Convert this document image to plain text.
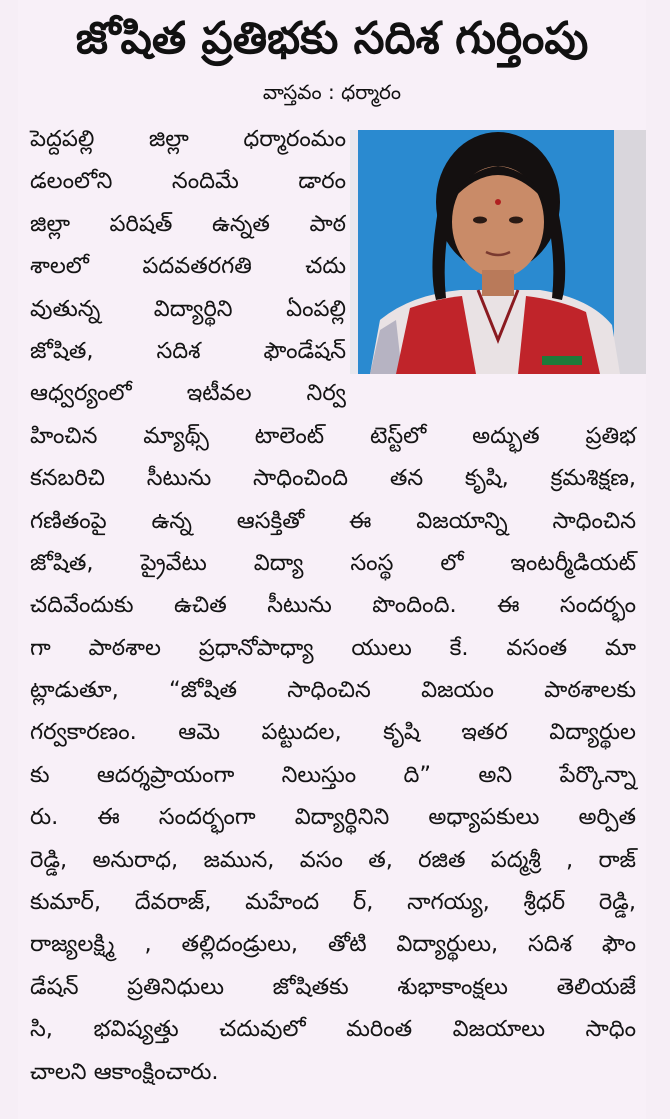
జోషిత ప్రతిభకు సదిశ గుర్తింపు
వాస్తవం : ధర్మారం
పెద్దపల్లి జిల్లా ధర్మారంమం
డలంలోని నందిమే డారం
జిల్లా పరిషత్ ఉన్నత పాఠ
శాలలో పదవతరగతి చదు
వుతున్న విద్యార్థిని ఏంపల్లి
జోషిత, సదిశ ఫౌండేషన్
ఆధ్వర్యంలో ఇటీవల నిర్వ
హించిన మ్యాథ్స్ టాలెంట్ టెస్ట్‌లో అద్భుత ప్రతిభ
కనబరిచి సీటును సాధించింది తన కృషి, క్రమశిక్షణ,
గణితంపై ఉన్న ఆసక్తితో ఈ విజయాన్ని సాధించిన
జోషిత, ప్రైవేటు విద్యా సంస్థ లో ఇంటర్మీడియట్
చదివేందుకు ఉచిత సీటును పొందింది. ఈ సందర్భం
గా పాఠశాల ప్రధానోపాధ్యా యులు కే. వసంత మా
ట్లాడుతూ, “జోషిత సాధించిన విజయం పాఠశాలకు
గర్వకారణం. ఆమె పట్టుదల, కృషి ఇతర విద్యార్థుల
కు ఆదర్శప్రాయంగా నిలుస్తుం ది” అని పేర్కొన్నా
రు. ఈ సందర్భంగా విద్యార్థినిని అధ్యాపకులు అర్పిత
రెడ్డి, అనురాధ, జమున, వసం త, రజిత పద్మశ్రీ , రాజ్
కుమార్, దేవరాజ్, మహేంద ర్, నాగయ్య, శ్రీధర్ రెడ్డి,
రాజ్యలక్ష్మి , తల్లిదండ్రులు, తోటి విద్యార్థులు, సదిశ ఫౌం
డేషన్ ప్రతినిధులు జోషితకు శుభాకాంక్షలు తెలియజే
సి, భవిష్యత్తు చదువులో మరింత విజయాలు సాధిం
చాలని ఆకాంక్షించారు.
